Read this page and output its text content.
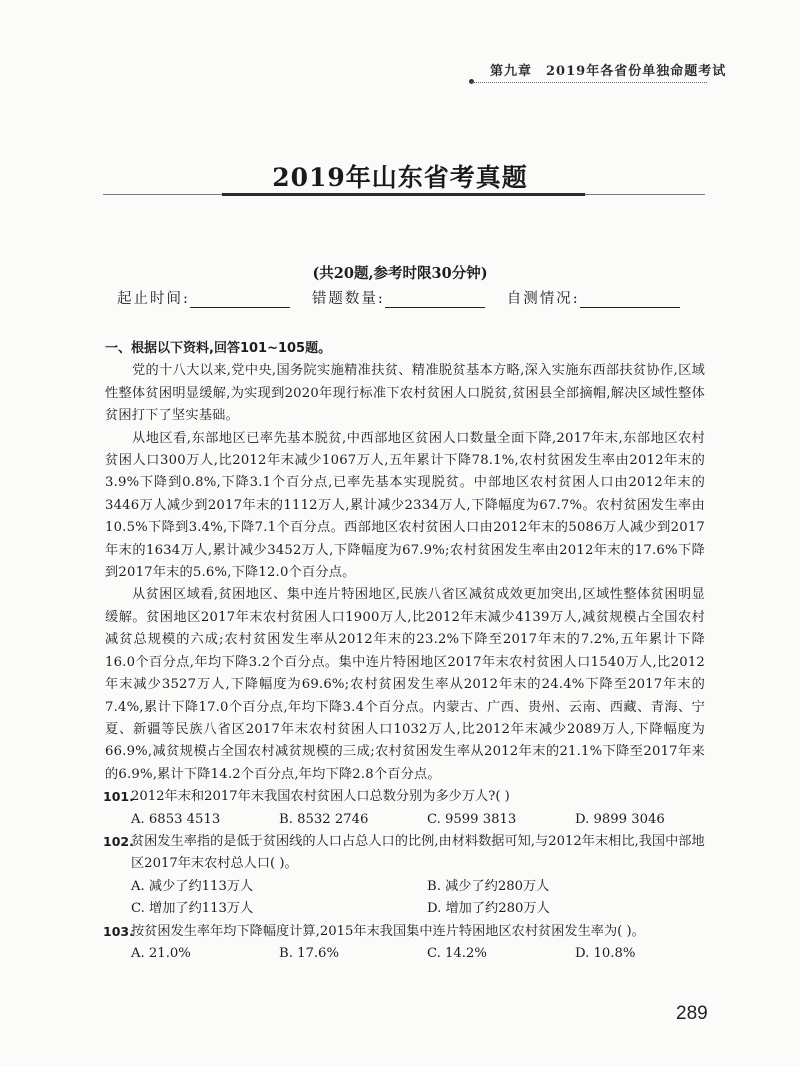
第九章 2019年各省份单独命题考试
2019年山东省考真题
(共20题,参考时限30分钟)
起止时间:	错题数量:	自测情况:
一、根据以下资料,回答101~105题。

党的十八大以来,党中央,国务院实施精准扶贫、精准脱贫基本方略,深入实施东西部扶贫协作,区域性整体贫困明显缓解,为实现到2020年现行标准下农村贫困人口脱贫,贫困县全部摘帽,解决区域性整体贫困打下了坚实基础。

从地区看,东部地区已率先基本脱贫,中西部地区贫困人口数量全面下降,2017年末,东部地区农村贫困人口300万人,比2012年末减少1067万人,五年累计下降78.1%,农村贫困发生率由2012年末的3.9%下降到0.8%,下降3.1个百分点,已率先基本实现脱贫。中部地区农村贫困人口由2012年末的3446万人减少到2017年末的1112万人,累计减少2334万人,下降幅度为67.7%。农村贫困发生率由10.5%下降到3.4%,下降7.1个百分点。西部地区农村贫困人口由2012年末的5086万人减少到2017年末的1634万人,累计减少3452万人,下降幅度为67.9%;农村贫困发生率由2012年末的17.6%下降到2017年末的5.6%,下降12.0个百分点。

从贫困区域看,贫困地区、集中连片特困地区,民族八省区减贫成效更加突出,区域性整体贫困明显缓解。贫困地区2017年末农村贫困人口1900万人,比2012年末减少4139万人,减贫规模占全国农村减贫总规模的六成;农村贫困发生率从2012年末的23.2%下降至2017年末的7.2%,五年累计下降16.0个百分点,年均下降3.2个百分点。集中连片特困地区2017年末农村贫困人口1540万人,比2012年末减少3527万人,下降幅度为69.6%;农村贫困发生率从2012年末的24.4%下降至2017年末的7.4%,累计下降17.0个百分点,年均下降3.4个百分点。内蒙古、广西、贵州、云南、西藏、青海、宁夏、新疆等民族八省区2017年末农村贫困人口1032万人,比2012年末减少2089万人,下降幅度为66.9%,减贫规模占全国农村减贫规模的三成;农村贫困发生率从2012年末的21.1%下降至2017年来的6.9%,累计下降14.2个百分点,年均下降2.8个百分点。

101.
2012年末和2017年末我国农村贫困人口总数分别为多少万人?( )
A. 6853 4513	B. 8532 2746	C. 9599 3813	D. 9899 3046
102.
贫困发生率指的是低于贫困线的人口占总人口的比例,由材料数据可知,与2012年末相比,我国中部地区2017年末农村总人口( )。
A. 减少了约113万人	B. 减少了约280万人
C. 增加了约113万人	D. 增加了约280万人
103.
按贫困发生率年均下降幅度计算,2015年末我国集中连片特困地区农村贫困发生率为( )。
A. 21.0%	B. 17.6%	C. 14.2%	D. 10.8%
289
